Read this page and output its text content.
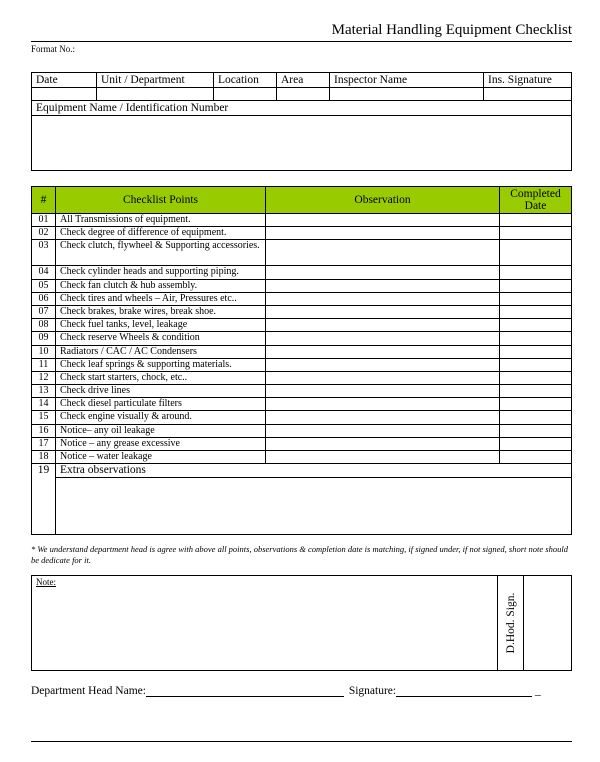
Material Handling Equipment Checklist
Format No.:
Date	Unit / Department	Location	Area	Inspector Name	Ins. Signature
Equipment Name / Identification Number
#	Checklist Points	Observation	Completed Date
01	All Transmissions of equipment.
02	Check degree of difference of equipment.
03	Check clutch, flywheel & Supporting accessories.
04	Check cylinder heads and supporting piping.
05	Check fan clutch & hub assembly.
06	Check tires and wheels – Air, Pressures etc..
07	Check brakes, brake wires, break shoe.
08	Check fuel tanks, level, leakage
09	Check reserve Wheels & condition
10	Radiators / CAC / AC Condensers
11	Check leaf springs & supporting materials.
12	Check start starters, chock, etc..
13	Check drive lines
14	Check diesel particulate filters
15	Check engine visually & around.
16	Notice– any oil leakage
17	Notice – any grease excessive
18	Notice – water leakage
19 Extra observations
* We understand department head is agree with above all points, observations & completion date is matching, if signed under, if not signed, short note should be dedicate for it.
Note:
D.Hod. Sign.
Department Head Name:	Signature:	_
